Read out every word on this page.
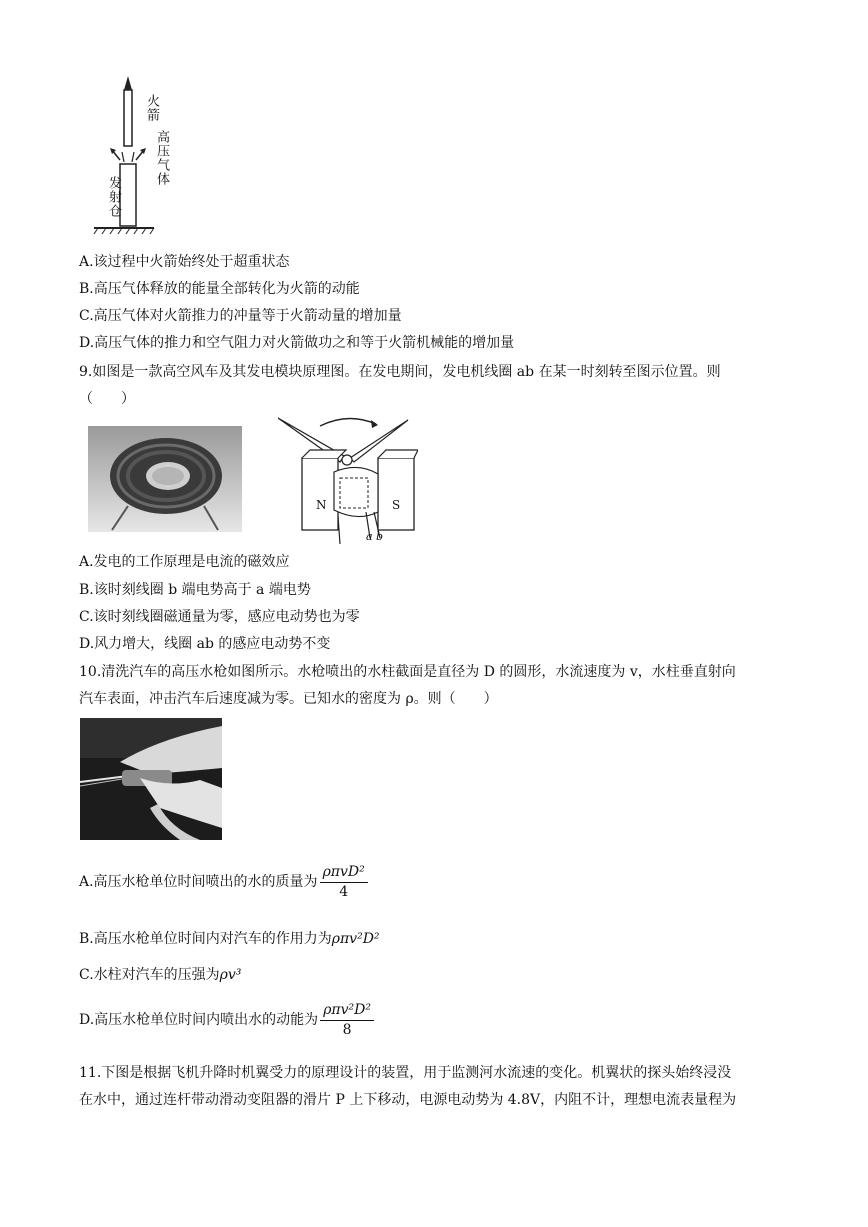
火箭
高压气体
发射仓
A.该过程中火箭始终处于超重状态
B.高压气体释放的能量全部转化为火箭的动能
C.高压气体对火箭推力的冲量等于火箭动量的增加量
D.高压气体的推力和空气阻力对火箭做功之和等于火箭机械能的增加量
9.如图是一款高空风车及其发电模块原理图。在发电期间，发电机线圈 ab 在某一时刻转至图示位置。则
（　　）
N	S
a b
A.发电的工作原理是电流的磁效应
B.该时刻线圈 b 端电势高于 a 端电势
C.该时刻线圈磁通量为零，感应电动势也为零
D.风力增大，线圈 ab 的感应电动势不变
10.清洗汽车的高压水枪如图所示。水枪喷出的水柱截面是直径为 D 的圆形，水流速度为 v，水柱垂直射向
汽车表面，冲击汽车后速度减为零。已知水的密度为 ρ。则（　　）
A.高压水枪单位时间喷出的水的质量为 $\frac{\text{ρπvD²}}{4}$
B.高压水枪单位时间内对汽车的作用力为ρπv²D²
C.水柱对汽车的压强为ρv³
D.高压水枪单位时间内喷出水的动能为 $\frac{\text{ρπv²D²}}{8}$
11.下图是根据飞机升降时机翼受力的原理设计的装置，用于监测河水流速的变化。机翼状的探头始终浸没
在水中，通过连杆带动滑动变阻器的滑片 P 上下移动，电源电动势为 4.8V，内阻不计，理想电流表量程为
